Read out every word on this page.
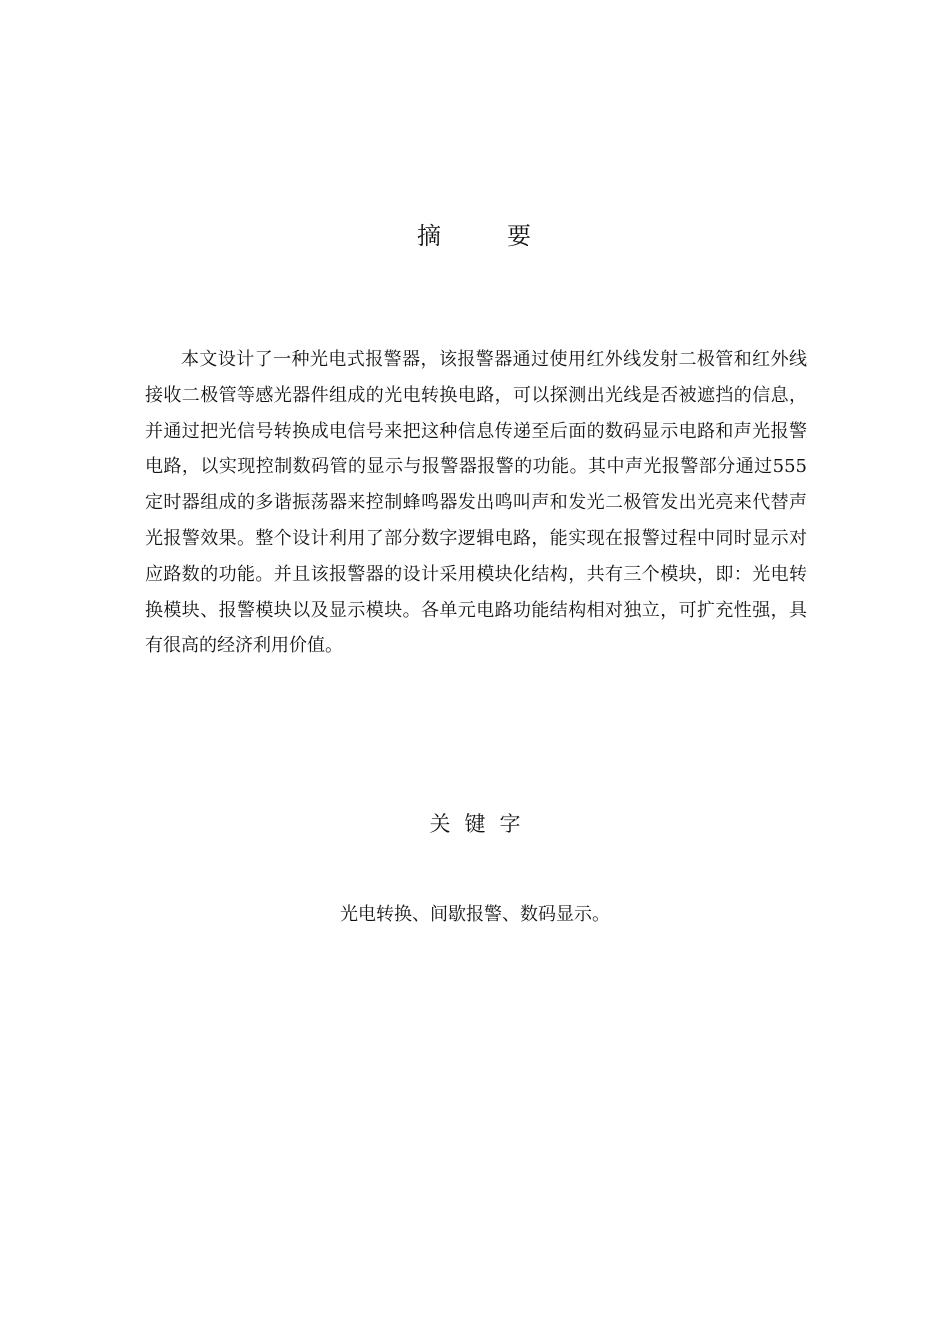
摘	要

本文设计了一种光电式报警器，该报警器通过使用红外线发射二极管和红外线接收二极管等感光器件组成的光电转换电路，可以探测出光线是否被遮挡的信息，并通过把光信号转换成电信号来把这种信息传递至后面的数码显示电路和声光报警电路，以实现控制数码管的显示与报警器报警的功能。其中声光报警部分通过555定时器组成的多谐振荡器来控制蜂鸣器发出鸣叫声和发光二极管发出光亮来代替声光报警效果。整个设计利用了部分数字逻辑电路，能实现在报警过程中同时显示对应路数的功能。并且该报警器的设计采用模块化结构，共有三个模块，即：光电转换模块、报警模块以及显示模块。各单元电路功能结构相对独立，可扩充性强，具有很高的经济利用价值。

关 键 字
光电转换、间歇报警、数码显示。
